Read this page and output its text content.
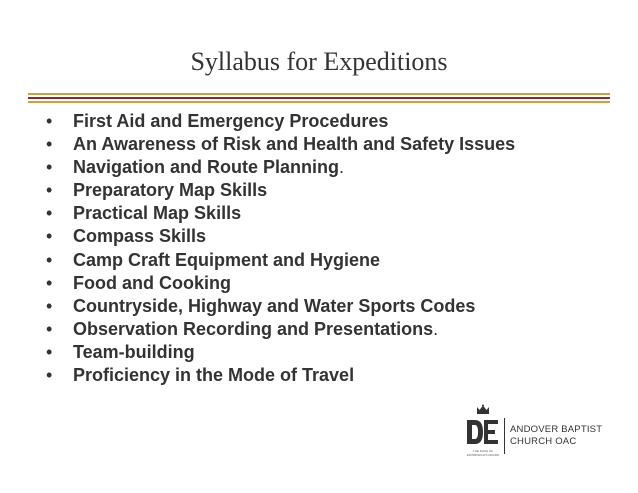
Syllabus for Expeditions
•	First Aid and Emergency Procedures
•	An Awareness of Risk and Health and Safety Issues
•	Navigation and Route Planning.
•	Preparatory Map Skills
•	Practical Map Skills
•	Compass Skills
•	Camp Craft Equipment and Hygiene
•	Food and Cooking
•	Countryside, Highway and Water Sports Codes
•	Observation Recording and Presentations.
•	Team-building
•	Proficiency in the Mode of Travel
DE
THE DUKE OF EDINBURGH'S AWARD
ANDOVER BAPTIST
CHURCH OAC
